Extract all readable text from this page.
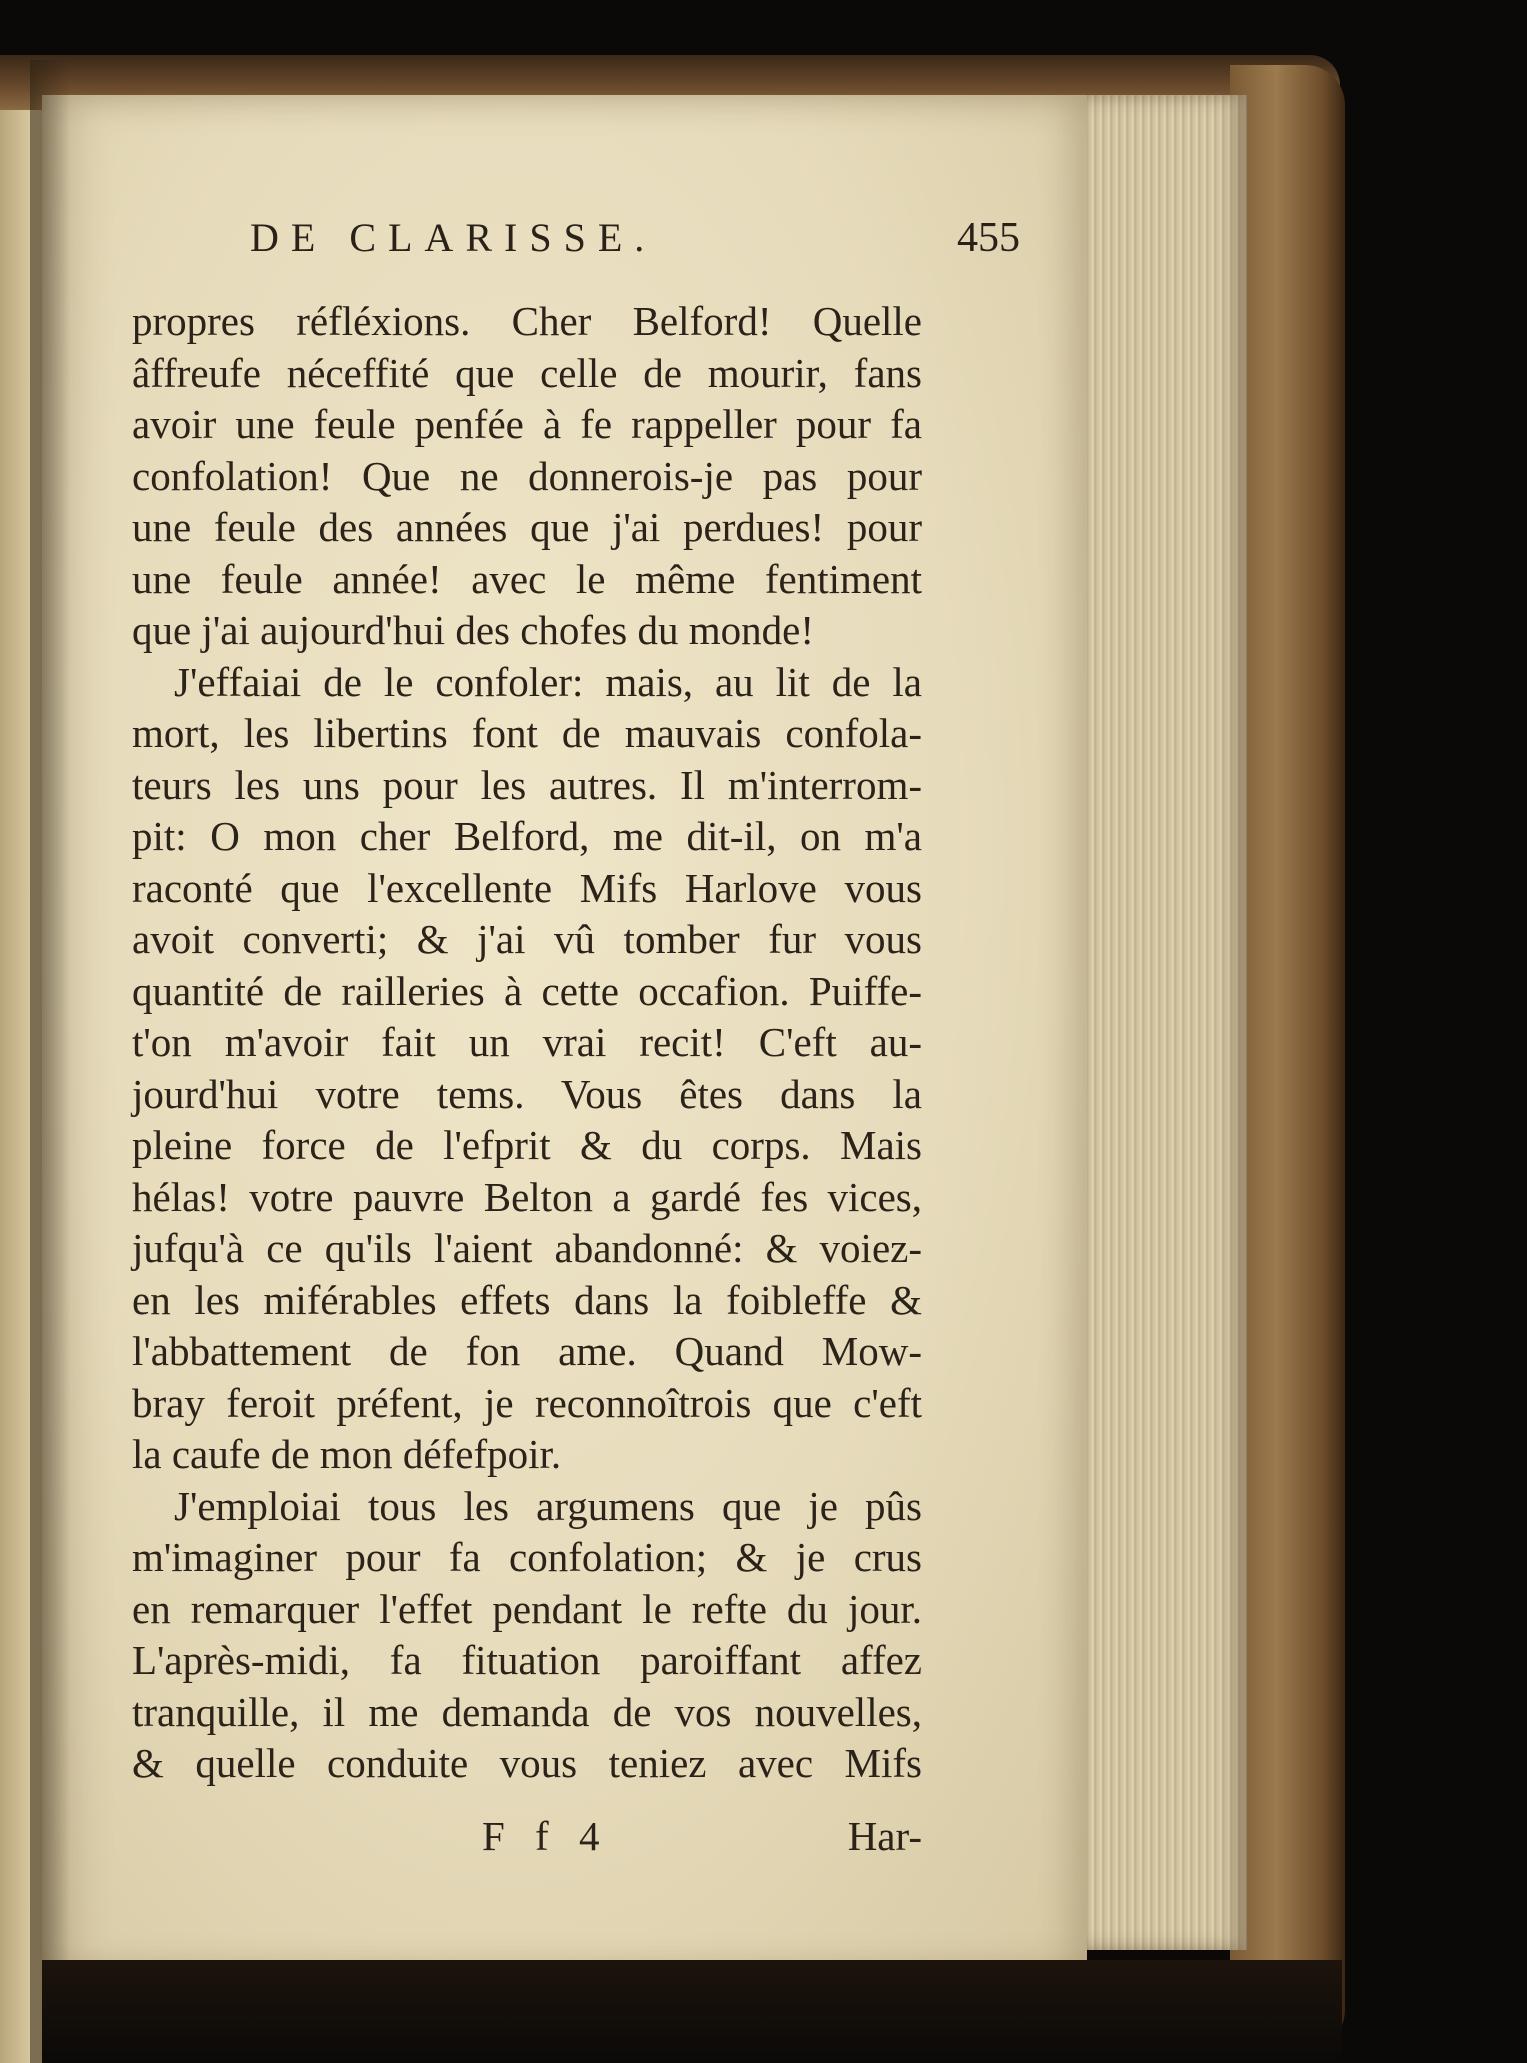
DE CLARISSE.	455
propres réfléxions. Cher Belford! Quelle
âffreufe néceffité que celle de mourir, fans
avoir une feule penfée à fe rappeller pour fa
confolation! Que ne donnerois-je pas pour
une feule des années que j'ai perdues! pour
une feule année! avec le même fentiment
que j'ai aujourd'hui des chofes du monde!
J'effaiai de le confoler: mais, au lit de la
mort, les libertins font de mauvais confola-
teurs les uns pour les autres. Il m'interrom-
pit: O mon cher Belford, me dit-il, on m'a
raconté que l'excellente Mifs Harlove vous
avoit converti; & j'ai vû tomber fur vous
quantité de railleries à cette occafion. Puiffe-
t'on m'avoir fait un vrai recit! C'eft au-
jourd'hui votre tems. Vous êtes dans la
pleine force de l'efprit & du corps. Mais
hélas! votre pauvre Belton a gardé fes vices,
jufqu'à ce qu'ils l'aient abandonné: & voiez-
en les miférables effets dans la foibleffe &
l'abbattement de fon ame. Quand Mow-
bray feroit préfent, je reconnoîtrois que c'eft
la caufe de mon défefpoir.
J'emploiai tous les argumens que je pûs
m'imaginer pour fa confolation; & je crus
en remarquer l'effet pendant le refte du jour.
L'après-midi, fa fituation paroiffant affez
tranquille, il me demanda de vos nouvelles,
& quelle conduite vous teniez avec Mifs
F f 4	Har-
